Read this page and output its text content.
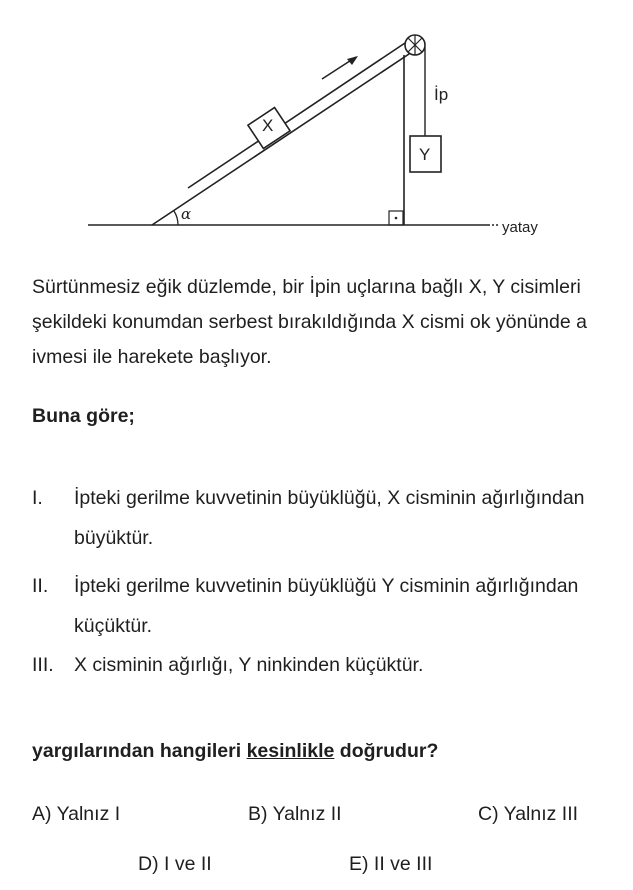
yatay
α
X
İp
Y
Sürtünmesiz eğik düzlemde, bir İpin uçlarına bağlı X, Y cisimleri şekildeki konumdan serbest bırakıldığında X cismi ok yönünde a ivmesi ile harekete başlıyor.
Buna göre;
I. İpteki gerilme kuvvetinin büyüklüğü, X cisminin ağırlığından büyüktür.
II. İpteki gerilme kuvvetinin büyüklüğü Y cisminin ağırlığından küçüktür.
III. X cisminin ağırlığı, Y ninkinden küçüktür.
yargılarından hangileri kesinlikle doğrudur?
A) Yalnız I	B) Yalnız II	C) Yalnız III
D) I ve II	E) II ve III
